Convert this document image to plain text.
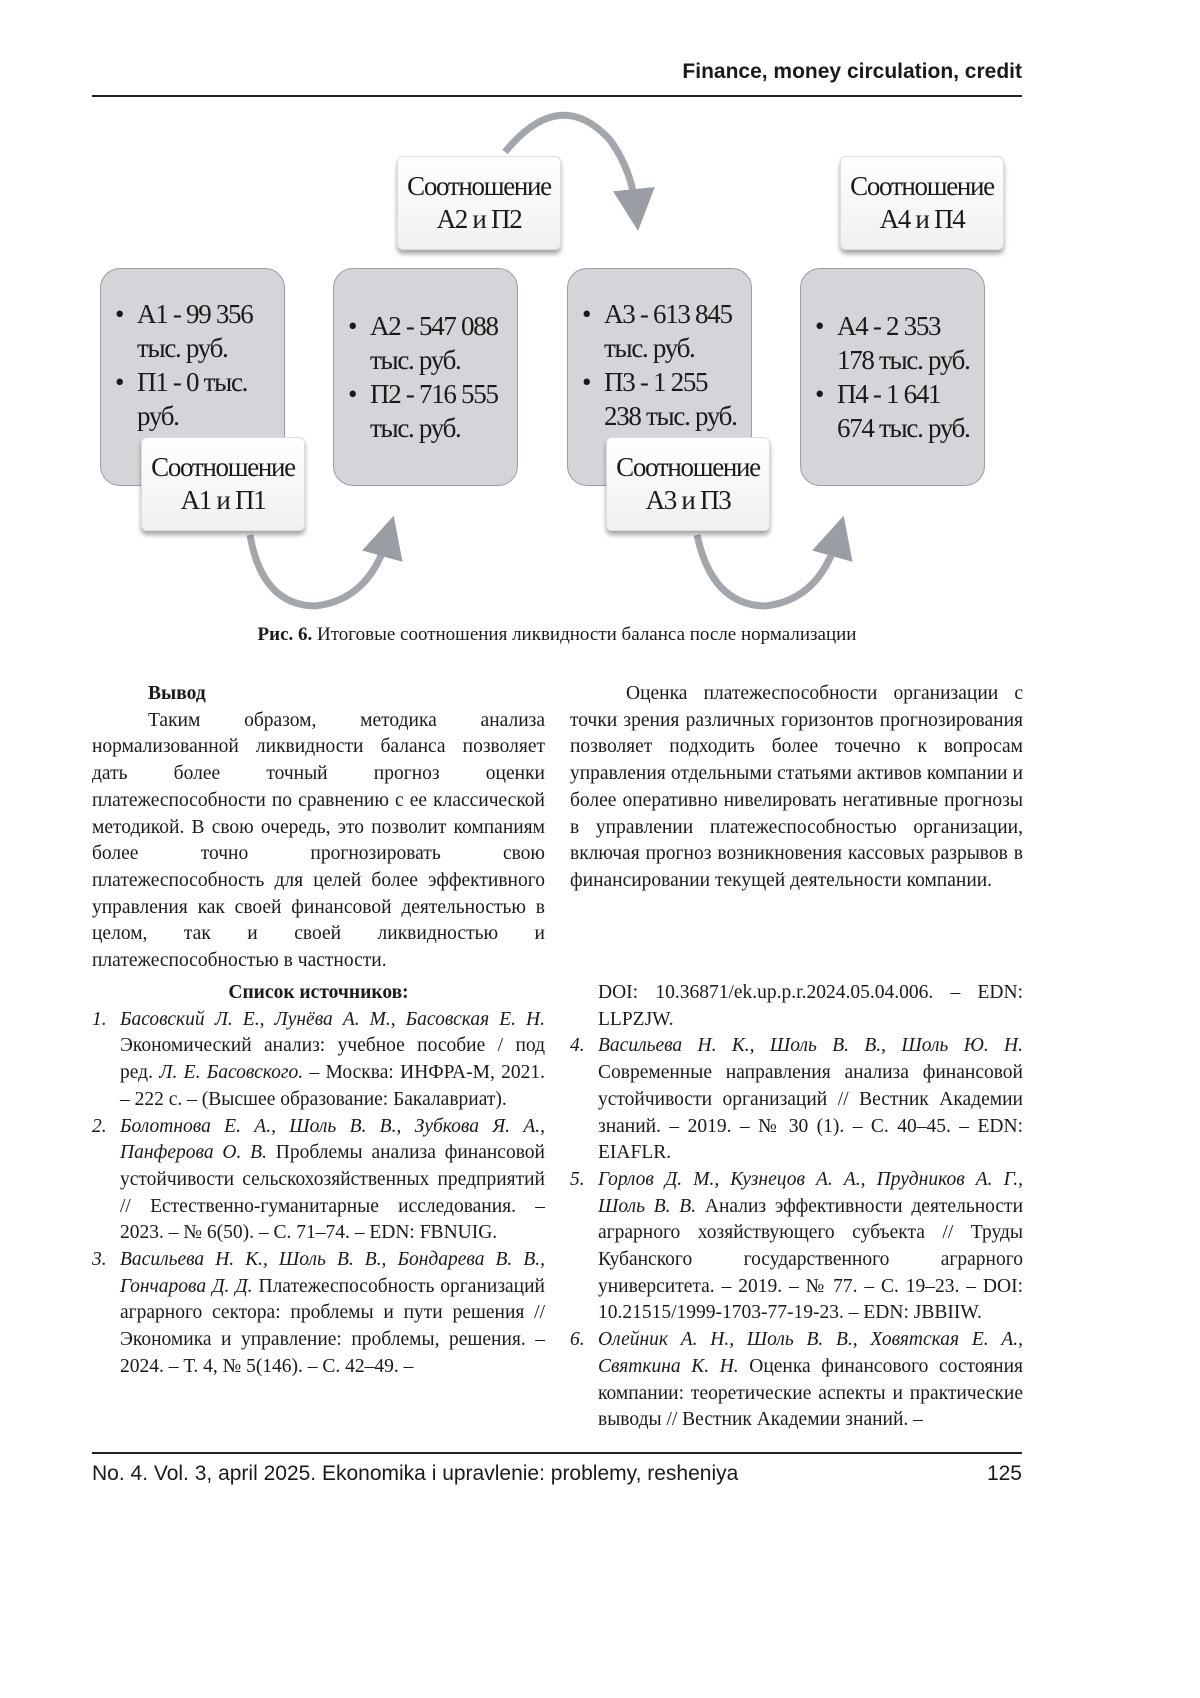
Finance, money circulation, credit
• А1 - 99 356 тыс. руб.
• П1 - 0 тыс. руб.
• А2 - 547 088 тыс. руб.
• П2 - 716 555 тыс. руб.
• А3 - 613 845 тыс. руб.
• П3 - 1 255 238 тыс. руб.
• А4 - 2 353 178 тыс. руб.
• П4 - 1 641 674 тыс. руб.
Соотношение
А1 и П1
Соотношение
А2 и П2
Соотношение
А3 и П3
Соотношение
А4 и П4
Рис. 6. Итоговые соотношения ликвидности баланса после нормализации
Вывод

Таким образом, методика анализа нормализованной ликвидности баланса позволяет дать более точный прогноз оценки платежеспособности по сравнению с ее классической методикой. В свою очередь, это позволит компаниям более точно прогнозировать свою платежеспособность для целей более эффективного управления как своей финансовой деятельностью в целом, так и своей ликвидностью и платежеспособностью в частности.

Оценка платежеспособности организации с точки зрения различных горизонтов прогнозирования позволяет подходить более точечно к вопросам управления отдельными статьями активов компании и более оперативно нивелировать негативные прогнозы в управлении платежеспособностью организации, включая прогноз возникновения кассовых разрывов в финансировании текущей деятельности компании.

Список источников:
1. Басовский Л. Е., Лунёва А. М., Басовская Е. Н. Экономический анализ: учебное пособие / под ред. Л. Е. Басовского. – Москва: ИНФРА-М, 2021. – 222 с. – (Высшее образование: Бакалавриат).
2. Болотнова Е. А., Шоль В. В., Зубкова Я. А., Панферова О. В. Проблемы анализа финансовой устойчивости сельскохозяйственных предприятий // Естественно-гуманитарные исследования. – 2023. – № 6(50). – С. 71–74. – EDN: FBNUIG.
3. Васильева Н. К., Шоль В. В., Бондарева В. В., Гончарова Д. Д. Платежеспособность организаций аграрного сектора: проблемы и пути решения // Экономика и управление: проблемы, решения. – 2024. – Т. 4, № 5(146). – С. 42–49. –
DOI: 10.36871/ek.up.p.r.2024.05.04.006. – EDN: LLPZJW.
4. Васильева Н. К., Шоль В. В., Шоль Ю. Н. Современные направления анализа финансовой устойчивости организаций // Вестник Академии знаний. – 2019. – № 30 (1). – С. 40–45. – EDN: EIAFLR.
5. Горлов Д. М., Кузнецов А. А., Прудников А. Г., Шоль В. В. Анализ эффективности деятельности аграрного хозяйствующего субъекта // Труды Кубанского государственного аграрного университета. – 2019. – № 77. – С. 19–23. – DOI: 10.21515/1999-1703-77-19-23. – EDN: JBBIIW.
6. Олейник А. Н., Шоль В. В., Ховятская Е. А., Святкина К. Н. Оценка финансового состояния компании: теоретические аспекты и практические выводы // Вестник Академии знаний. –
No. 4. Vol. 3, april 2025. Ekonomika i upravlenie: problemy, resheniya	125
